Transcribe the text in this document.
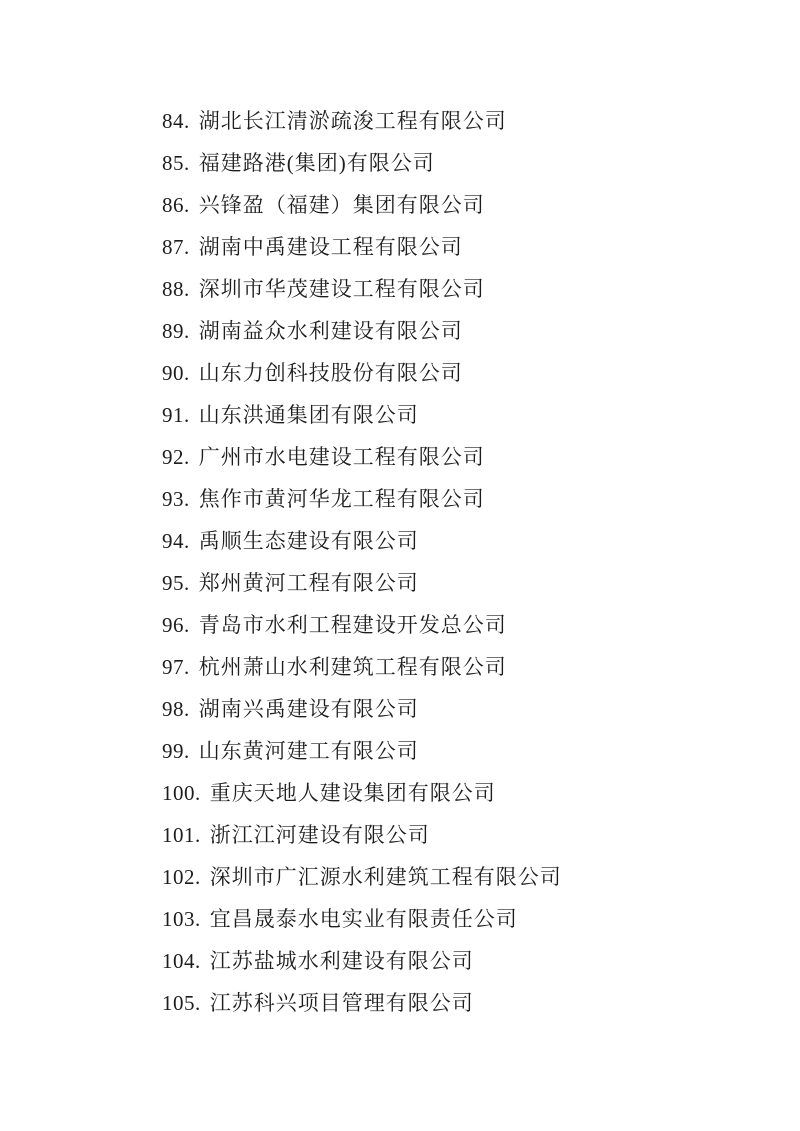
84. 湖北长江清淤疏浚工程有限公司
85. 福建路港(集团)有限公司
86. 兴锋盈（福建）集团有限公司
87. 湖南中禹建设工程有限公司
88. 深圳市华茂建设工程有限公司
89. 湖南益众水利建设有限公司
90. 山东力创科技股份有限公司
91. 山东洪通集团有限公司
92. 广州市水电建设工程有限公司
93. 焦作市黄河华龙工程有限公司
94. 禹顺生态建设有限公司
95. 郑州黄河工程有限公司
96. 青岛市水利工程建设开发总公司
97. 杭州萧山水利建筑工程有限公司
98. 湖南兴禹建设有限公司
99. 山东黄河建工有限公司
100. 重庆天地人建设集团有限公司
101. 浙江江河建设有限公司
102. 深圳市广汇源水利建筑工程有限公司
103. 宜昌晟泰水电实业有限责任公司
104. 江苏盐城水利建设有限公司
105. 江苏科兴项目管理有限公司
